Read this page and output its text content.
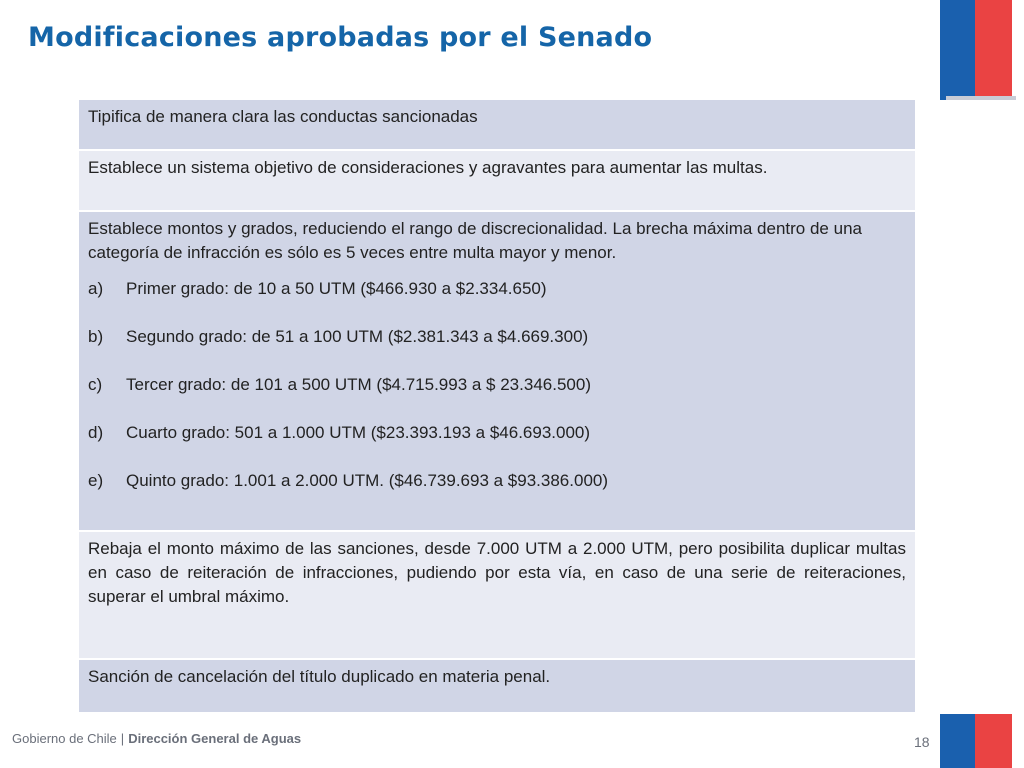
Modificaciones aprobadas por el Senado

Tipifica de manera clara las conductas sancionadas

Establece un sistema objetivo de consideraciones y agravantes para aumentar las multas.

Establece montos y grados, reduciendo el rango de discrecionalidad. La brecha máxima dentro de una categoría de infracción es sólo es 5 veces entre multa mayor y menor.

a)	Primer grado: de 10 a 50 UTM ($466.930 a $2.334.650)
b)	Segundo grado: de 51 a 100 UTM ($2.381.343 a $4.669.300)
c)	Tercer grado: de 101 a 500 UTM ($4.715.993 a $ 23.346.500)
d)	Cuarto grado: 501 a 1.000 UTM ($23.393.193 a $46.693.000)
e)	Quinto grado: 1.001 a 2.000 UTM. ($46.739.693 a $93.386.000)

Rebaja el monto máximo de las sanciones, desde 7.000 UTM a 2.000 UTM, pero posibilita duplicar multas en caso de reiteración de infracciones, pudiendo por esta vía, en caso de una serie de reiteraciones, superar el umbral máximo.

Sanción de cancelación del título duplicado en materia penal.

Gobierno de Chile | Dirección General de Aguas	18
